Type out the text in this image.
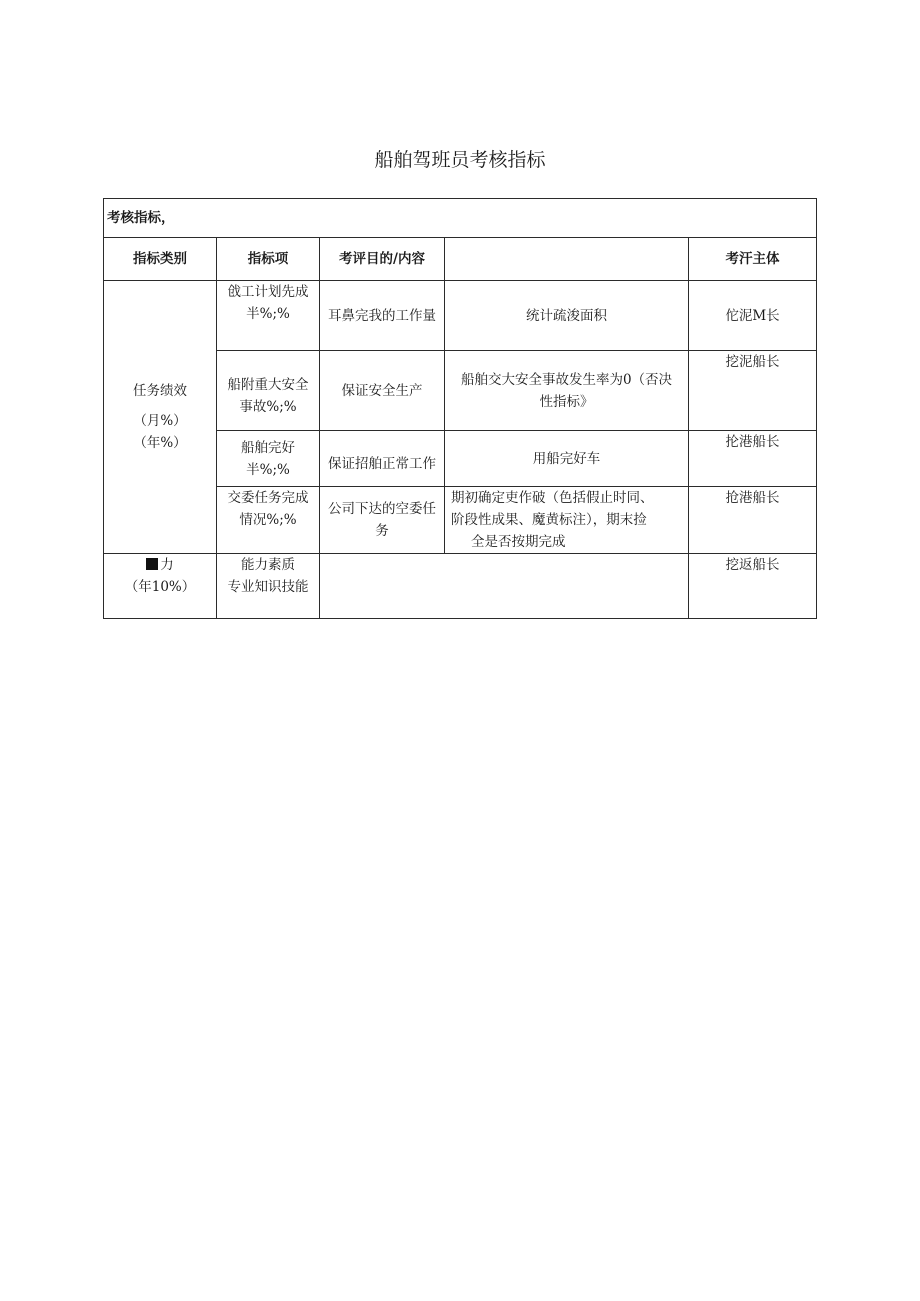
船舶驾班员考核指标
考核指标，				
指标类别	指标项	考评目的/内容		考汗主体

任务绩效
（月%）
（年%）	戗工计划先成
半%;%	耳鼻完我的工作量	统计疏浚面积	佗泥M长

	船附重大安全
事故%;%	保证安全生产	船舶交大安全事故发生率为0（否决
性指标》	挖泥船长

	船舶完好
半%;%	保证招舶正常工作	用船完好车	抡港船长

	交委任务完成
情况%;%	公司下达的空委任
务	期初确定吏作破（色括假止时同、
阶段性成果、魔黄标注），期末捡
全是否按期完成	抢港船长

力
（年10%）	能力素质
专业知识技能			挖返船长
